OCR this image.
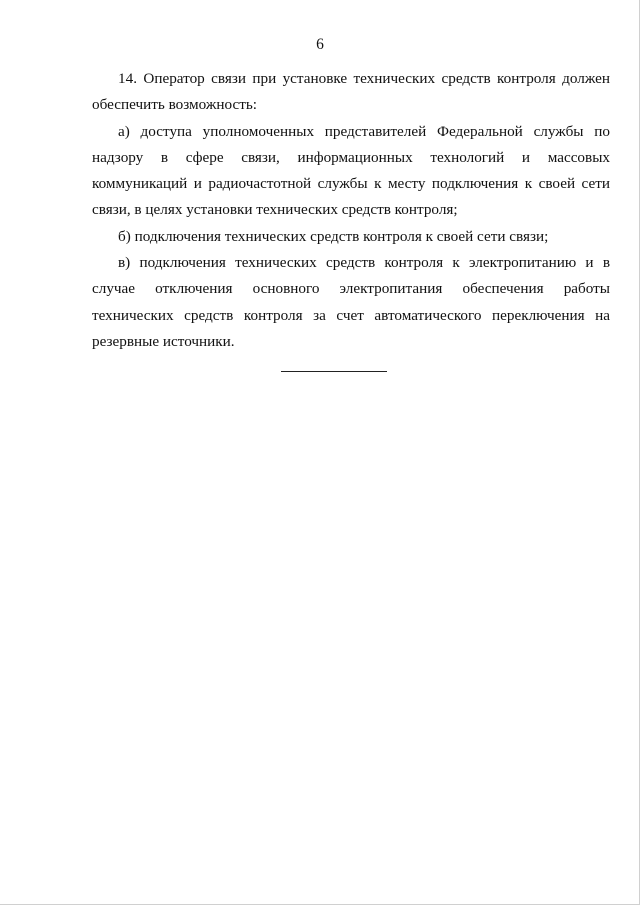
6

14. Оператор связи при установке технических средств контроля должен обеспечить возможность:

а) доступа уполномоченных представителей Федеральной службы по надзору в сфере связи, информационных технологий и массовых коммуникаций и радиочастотной службы к месту подключения к своей сети связи, в целях установки технических средств контроля;

б) подключения технических средств контроля к своей сети связи;

в) подключения технических средств контроля к электропитанию и в случае отключения основного электропитания обеспечения работы технических средств контроля за счет автоматического переключения на резервные источники.
